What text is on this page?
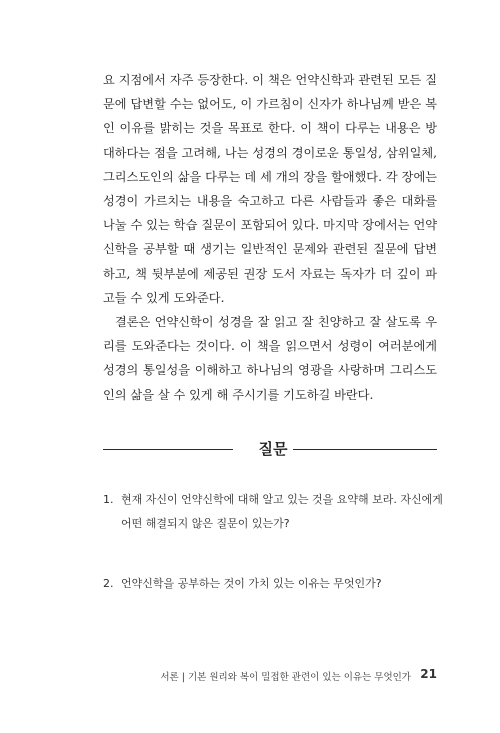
요 지점에서 자주 등장한다. 이 책은 언약신학과 관련된 모든 질문에 답변할 수는 없어도, 이 가르침이 신자가 하나님께 받은 복인 이유를 밝히는 것을 목표로 한다. 이 책이 다루는 내용은 방대하다는 점을 고려해, 나는 성경의 경이로운 통일성, 삼위일체, 그리스도인의 삶을 다루는 데 세 개의 장을 할애했다. 각 장에는 성경이 가르치는 내용을 숙고하고 다른 사람들과 좋은 대화를 나눌 수 있는 학습 질문이 포함되어 있다. 마지막 장에서는 언약신학을 공부할 때 생기는 일반적인 문제와 관련된 질문에 답변하고, 책 뒷부분에 제공된 권장 도서 자료는 독자가 더 깊이 파고들 수 있게 도와준다.

결론은 언약신학이 성경을 잘 읽고 잘 친양하고 잘 살도록 우리를 도와준다는 것이다. 이 책을 읽으면서 성령이 여러분에게 성경의 통일성을 이해하고 하나님의 영광을 사랑하며 그리스도인의 삶을 살 수 있게 해 주시기를 기도하길 바란다.

질문
1. 현재 자신이 언약신학에 대해 알고 있는 것을 요약해 보라. 자신에게 어떤 해결되지 않은 질문이 있는가?
2. 언약신학을 공부하는 것이 가치 있는 이유는 무엇인가?
서론 | 기본 원리와 복이 밀접한 관련이 있는 이유는 무엇인가 21
